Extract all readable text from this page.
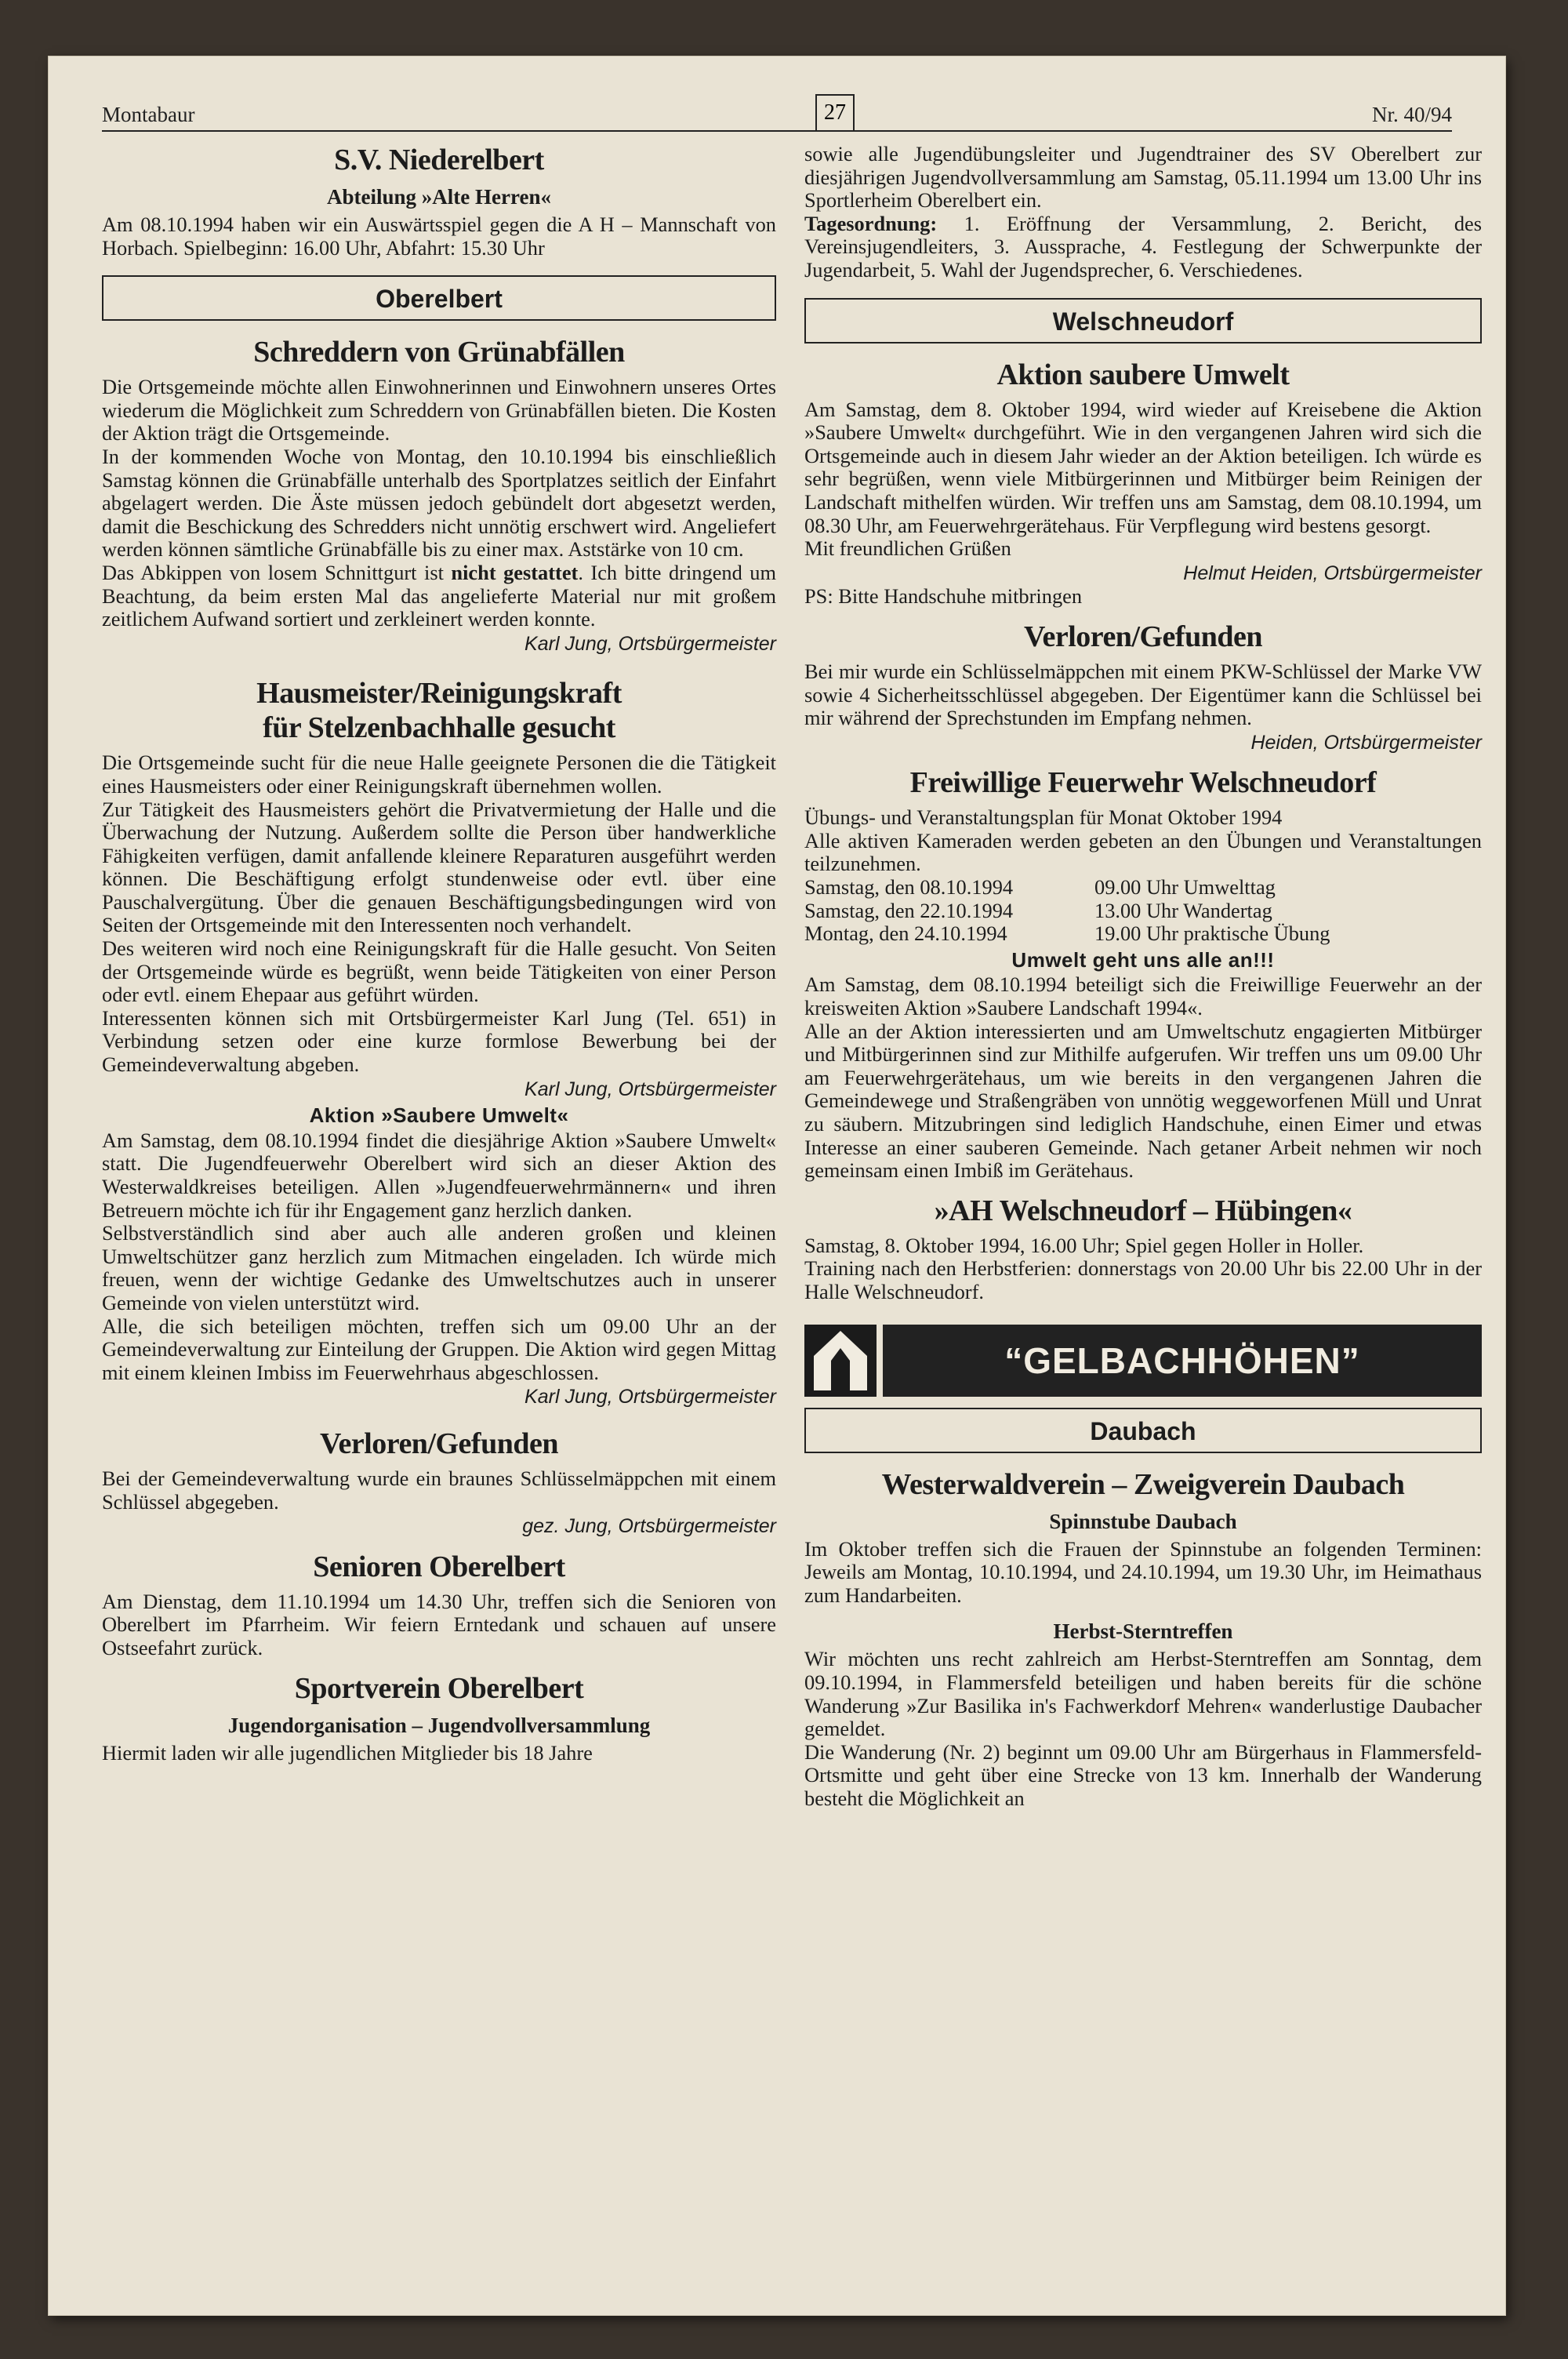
Montabaur	27	Nr. 40/94
S.V. Niederelbert
Abteilung »Alte Herren«

Am 08.10.1994 haben wir ein Auswärtsspiel gegen die A H – Mannschaft von Horbach. Spielbeginn: 16.00 Uhr, Abfahrt: 15.30 Uhr

Oberelbert
Schreddern von Grünabfällen

Die Ortsgemeinde möchte allen Einwohnerinnen und Einwohnern unseres Ortes wiederum die Möglichkeit zum Schreddern von Grünabfällen bieten. Die Kosten der Aktion trägt die Ortsgemeinde.

In der kommenden Woche von Montag, den 10.10.1994 bis einschließlich Samstag können die Grünabfälle unterhalb des Sportplatzes seitlich der Einfahrt abgelagert werden. Die Äste müssen jedoch gebündelt dort abgesetzt werden, damit die Beschickung des Schredders nicht unnötig erschwert wird. Angeliefert werden können sämtliche Grünabfälle bis zu einer max. Aststärke von 10 cm.

Das Abkippen von losem Schnittgurt ist nicht gestattet. Ich bitte dringend um Beachtung, da beim ersten Mal das angelieferte Material nur mit großem zeitlichem Aufwand sortiert und zerkleinert werden konnte.

Karl Jung, Ortsbürgermeister

Hausmeister/Reinigungskraft
für Stelzenbachhalle gesucht

Die Ortsgemeinde sucht für die neue Halle geeignete Personen die die Tätigkeit eines Hausmeisters oder einer Reinigungskraft übernehmen wollen.

Zur Tätigkeit des Hausmeisters gehört die Privatvermietung der Halle und die Überwachung der Nutzung. Außerdem sollte die Person über handwerkliche Fähigkeiten verfügen, damit anfallende kleinere Reparaturen ausgeführt werden können. Die Beschäftigung erfolgt stundenweise oder evtl. über eine Pauschalvergütung. Über die genauen Beschäftigungsbedingungen wird von Seiten der Ortsgemeinde mit den Interessenten noch verhandelt.

Des weiteren wird noch eine Reinigungskraft für die Halle gesucht. Von Seiten der Ortsgemeinde würde es begrüßt, wenn beide Tätigkeiten von einer Person oder evtl. einem Ehepaar aus geführt würden.

Interessenten können sich mit Ortsbürgermeister Karl Jung (Tel. 651) in Verbindung setzen oder eine kurze formlose Bewerbung bei der Gemeindeverwaltung abgeben.

Karl Jung, Ortsbürgermeister

Aktion »Saubere Umwelt«

Am Samstag, dem 08.10.1994 findet die diesjährige Aktion »Saubere Umwelt« statt. Die Jugendfeuerwehr Oberelbert wird sich an dieser Aktion des Westerwaldkreises beteiligen. Allen »Jugendfeuerwehrmännern« und ihren Betreuern möchte ich für ihr Engagement ganz herzlich danken.

Selbstverständlich sind aber auch alle anderen großen und kleinen Umweltschützer ganz herzlich zum Mitmachen eingeladen. Ich würde mich freuen, wenn der wichtige Gedanke des Umweltschutzes auch in unserer Gemeinde von vielen unterstützt wird.

Alle, die sich beteiligen möchten, treffen sich um 09.00 Uhr an der Gemeindeverwaltung zur Einteilung der Gruppen. Die Aktion wird gegen Mittag mit einem kleinen Imbiss im Feuerwehrhaus abgeschlossen.

Karl Jung, Ortsbürgermeister

Verloren/Gefunden

Bei der Gemeindeverwaltung wurde ein braunes Schlüsselmäppchen mit einem Schlüssel abgegeben.

gez. Jung, Ortsbürgermeister

Senioren Oberelbert

Am Dienstag, dem 11.10.1994 um 14.30 Uhr, treffen sich die Senioren von Oberelbert im Pfarrheim. Wir feiern Erntedank und schauen auf unsere Ostseefahrt zurück.

Sportverein Oberelbert
Jugendorganisation – Jugendvollversammlung

Hiermit laden wir alle jugendlichen Mitglieder bis 18 Jahre

sowie alle Jugendübungsleiter und Jugendtrainer des SV Oberelbert zur diesjährigen Jugendvollversammlung am Samstag, 05.11.1994 um 13.00 Uhr ins Sportlerheim Oberelbert ein.

Tagesordnung: 1. Eröffnung der Versammlung, 2. Bericht, des Vereinsjugendleiters, 3. Aussprache, 4. Festlegung der Schwerpunkte der Jugendarbeit, 5. Wahl der Jugendsprecher, 6. Verschiedenes.

Welschneudorf
Aktion saubere Umwelt

Am Samstag, dem 8. Oktober 1994, wird wieder auf Kreisebene die Aktion »Saubere Umwelt« durchgeführt. Wie in den vergangenen Jahren wird sich die Ortsgemeinde auch in diesem Jahr wieder an der Aktion beteiligen. Ich würde es sehr begrüßen, wenn viele Mitbürgerinnen und Mitbürger beim Reinigen der Landschaft mithelfen würden. Wir treffen uns am Samstag, dem 08.10.1994, um 08.30 Uhr, am Feuerwehrgerätehaus. Für Verpflegung wird bestens gesorgt.

Mit freundlichen Grüßen

Helmut Heiden, Ortsbürgermeister

PS: Bitte Handschuhe mitbringen

Verloren/Gefunden

Bei mir wurde ein Schlüsselmäppchen mit einem PKW-Schlüssel der Marke VW sowie 4 Sicherheitsschlüssel abgegeben. Der Eigentümer kann die Schlüssel bei mir während der Sprechstunden im Empfang nehmen.

Heiden, Ortsbürgermeister

Freiwillige Feuerwehr Welschneudorf

Übungs- und Veranstaltungsplan für Monat Oktober 1994

Alle aktiven Kameraden werden gebeten an den Übungen und Veranstaltungen teilzunehmen.

Samstag, den 08.10.1994	09.00 Uhr Umwelttag
Samstag, den 22.10.1994	13.00 Uhr Wandertag
Montag, den 24.10.1994	19.00 Uhr praktische Übung
Umwelt geht uns alle an!!!

Am Samstag, dem 08.10.1994 beteiligt sich die Freiwillige Feuerwehr an der kreisweiten Aktion »Saubere Landschaft 1994«.

Alle an der Aktion interessierten und am Umweltschutz engagierten Mitbürger und Mitbürgerinnen sind zur Mithilfe aufgerufen. Wir treffen uns um 09.00 Uhr am Feuerwehrgerätehaus, um wie bereits in den vergangenen Jahren die Gemeindewege und Straßengräben von unnötig weggeworfenen Müll und Unrat zu säubern. Mitzubringen sind lediglich Handschuhe, einen Eimer und etwas Interesse an einer sauberen Gemeinde. Nach getaner Arbeit nehmen wir noch gemeinsam einen Imbiß im Gerätehaus.

»AH Welschneudorf – Hübingen«

Samstag, 8. Oktober 1994, 16.00 Uhr; Spiel gegen Holler in Holler.

Training nach den Herbstferien: donnerstags von 20.00 Uhr bis 22.00 Uhr in der Halle Welschneudorf.

“GELBACHHÖHEN”
Daubach
Westerwaldverein – Zweigverein Daubach
Spinnstube Daubach

Im Oktober treffen sich die Frauen der Spinnstube an folgenden Terminen: Jeweils am Montag, 10.10.1994, und 24.10.1994, um 19.30 Uhr, im Heimathaus zum Handarbeiten.

Herbst-Sterntreffen

Wir möchten uns recht zahlreich am Herbst-Sterntreffen am Sonntag, dem 09.10.1994, in Flammersfeld beteiligen und haben bereits für die schöne Wanderung »Zur Basilika in's Fachwerkdorf Mehren« wanderlustige Daubacher gemeldet.

Die Wanderung (Nr. 2) beginnt um 09.00 Uhr am Bürgerhaus in Flammersfeld-Ortsmitte und geht über eine Strecke von 13 km. Innerhalb der Wanderung besteht die Möglichkeit an
